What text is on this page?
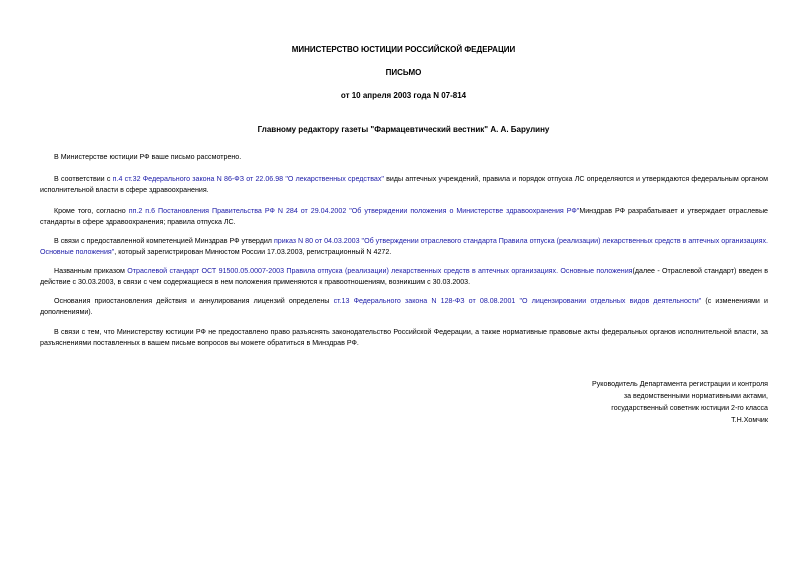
МИНИСТЕРСТВО ЮСТИЦИИ РОССИЙСКОЙ ФЕДЕРАЦИИ
ПИСЬМО
от 10 апреля 2003 года N 07-814
Главному редактору газеты "Фармацевтический вестник" А. А. Барулину
В Министерстве юстиции РФ ваше письмо рассмотрено.
В соответствии с п.4 ст.32 Федерального закона N 86-ФЗ от 22.06.98 "О лекарственных средствах" виды аптечных учреждений, правила и порядок отпуска ЛС определяются и утверждаются федеральным органом исполнительной власти в сфере здравоохранения.
Кроме того, согласно пп.2 п.6 Постановления Правительства РФ N 284 от 29.04.2002 "Об утверждении положения о Министерстве здравоохранения РФ"Минздрав РФ разрабатывает и утверждает отраслевые стандарты в сфере здравоохранения; правила отпуска ЛС.
В связи с предоставленной компетенцией Минздрав РФ утвердил приказ N 80 от 04.03.2003 "Об утверждении отраслевого стандарта Правила отпуска (реализации) лекарственных средств в аптечных организациях. Основные положения", который зарегистрирован Минюстом России 17.03.2003, регистрационный N 4272.
Названным приказом Отраслевой стандарт ОСТ 91500.05.0007-2003 Правила отпуска (реализации) лекарственных средств в аптечных организациях. Основные положения(далее - Отраслевой стандарт) введен в действие с 30.03.2003, в связи с чем содержащиеся в нем положения применяются к правоотношениям, возникшим с 30.03.2003.
Основания приостановления действия и аннулирования лицензий определены ст.13 Федерального закона N 128-ФЗ от 08.08.2001 "О лицензировании отдельных видов деятельности" (с изменениями и дополнениями).
В связи с тем, что Министерству юстиции РФ не предоставлено право разъяснять законодательство Российской Федерации, а также нормативные правовые акты федеральных органов исполнительной власти, за разъяснениями поставленных в вашем письме вопросов вы можете обратиться в Минздрав РФ.
Руководитель Департамента регистрации и контроля
за ведомственными нормативными актами,
государственный советник юстиции 2-го класса
Т.Н.Хомчик
